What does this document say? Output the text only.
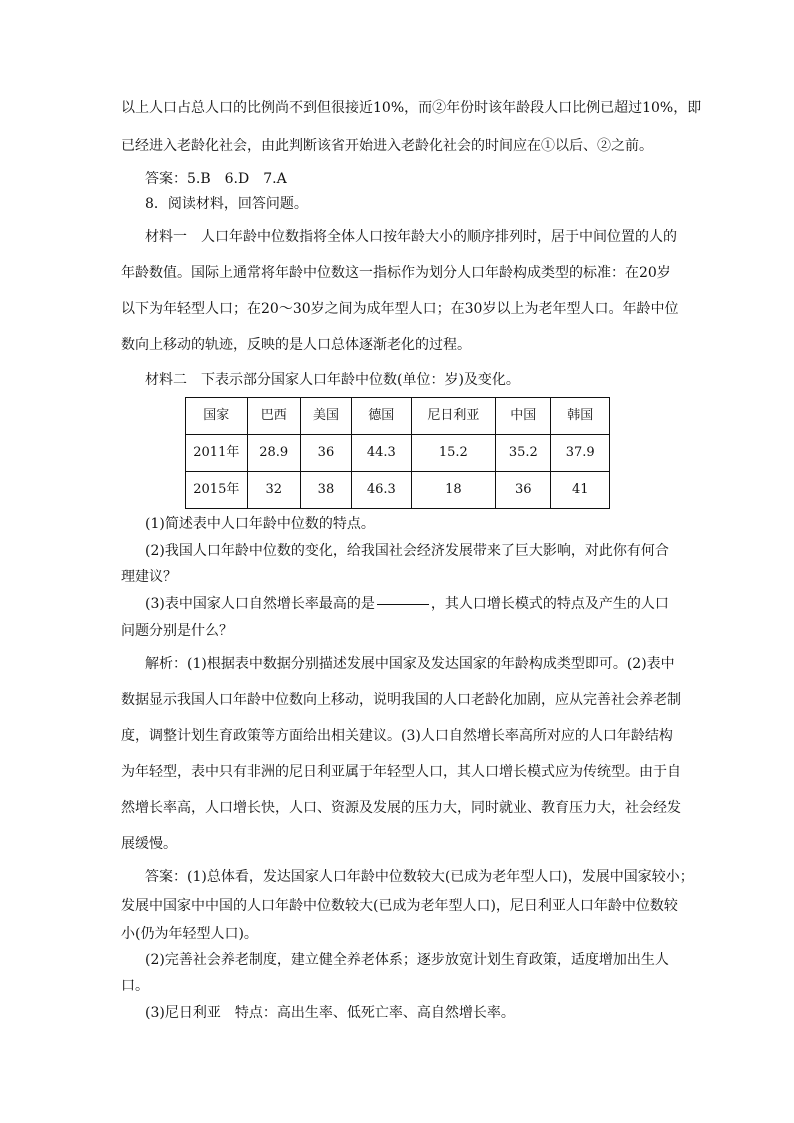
以上人口占总人口的比例尚不到但很接近10%，而②年份时该年龄段人口比例已超过10%，即
已经进入老龄化社会，由此判断该省开始进入老龄化社会的时间应在①以后、②之前。
答案：5.B　6.D　7.A
8．阅读材料，回答问题。
材料一　人口年龄中位数指将全体人口按年龄大小的顺序排列时，居于中间位置的人的
年龄数值。国际上通常将年龄中位数这一指标作为划分人口年龄构成类型的标准：在20岁
以下为年轻型人口；在20～30岁之间为成年型人口；在30岁以上为老年型人口。年龄中位
数向上移动的轨迹，反映的是人口总体逐渐老化的过程。
材料二　下表示部分国家人口年龄中位数(单位：岁)及变化。
国家	巴西	美国	德国	尼日利亚	中国	韩国
2011年	28.9	36	44.3	15.2	35.2	37.9
2015年	32	38	46.3	18	36	41
(1)简述表中人口年龄中位数的特点。
(2)我国人口年龄中位数的变化，给我国社会经济发展带来了巨大影响，对此你有何合
理建议？
(3)表中国家人口自然增长率最高的是	，其人口增长模式的特点及产生的人口
问题分别是什么？
解析：(1)根据表中数据分别描述发展中国家及发达国家的年龄构成类型即可。(2)表中
数据显示我国人口年龄中位数向上移动，说明我国的人口老龄化加剧，应从完善社会养老制
度，调整计划生育政策等方面给出相关建议。(3)人口自然增长率高所对应的人口年龄结构
为年轻型，表中只有非洲的尼日利亚属于年轻型人口，其人口增长模式应为传统型。由于自
然增长率高，人口增长快，人口、资源及发展的压力大，同时就业、教育压力大，社会经发
展缓慢。
答案：(1)总体看，发达国家人口年龄中位数较大(已成为老年型人口)，发展中国家较小；
发展中国家中中国的人口年龄中位数较大(已成为老年型人口)，尼日利亚人口年龄中位数较
小(仍为年轻型人口)。
(2)完善社会养老制度，建立健全养老体系；逐步放宽计划生育政策，适度增加出生人
口。
(3)尼日利亚　特点：高出生率、低死亡率、高自然增长率。
